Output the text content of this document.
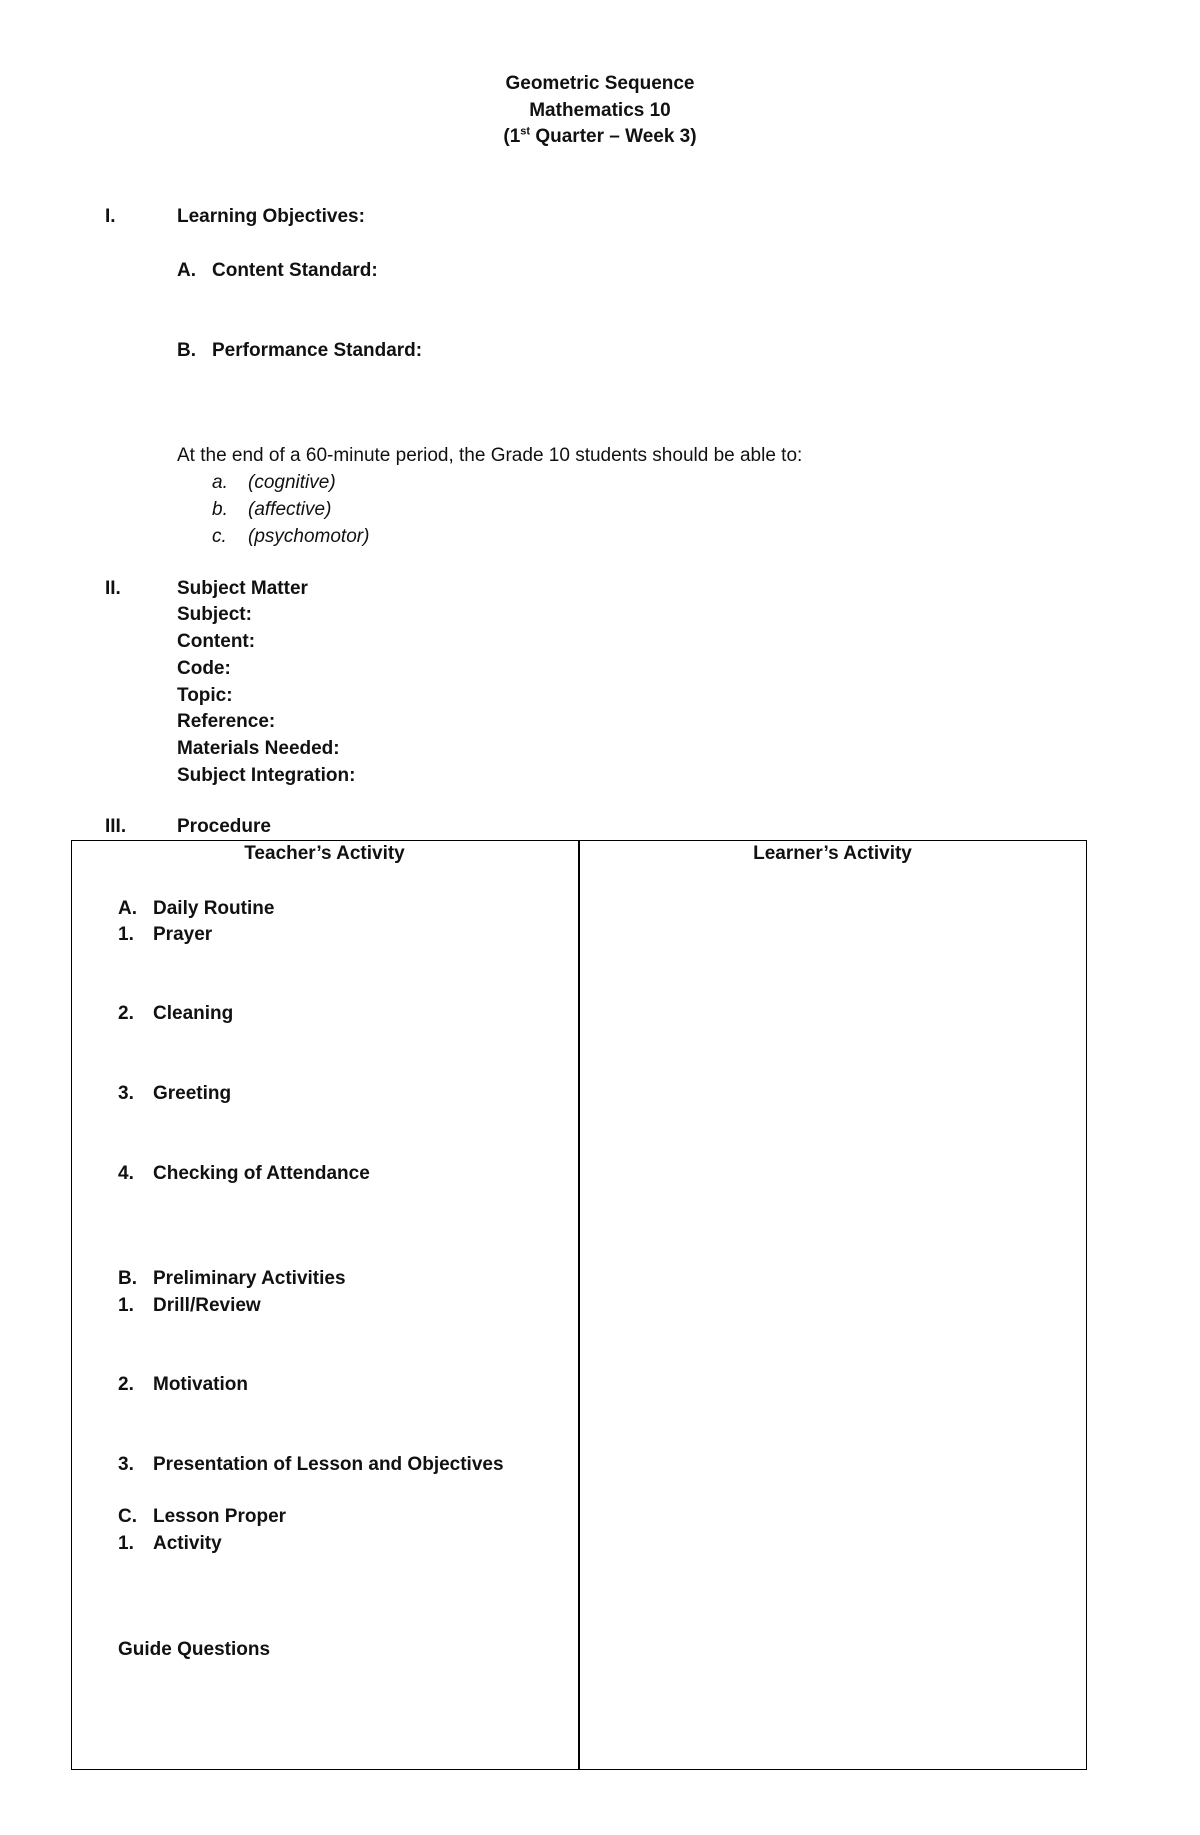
Geometric Sequence
Mathematics 10
(1st Quarter – Week 3)
I.	Learning Objectives:
A. Content Standard:
B. Performance Standard:
At the end of a 60-minute period, the Grade 10 students should be able to:
a. (cognitive)
b. (affective)
c. (psychomotor)
II.	Subject Matter
Subject:
Content:
Code:
Topic:
Reference:
Materials Needed:
Subject Integration:
III.	Procedure
Teacher’s Activity	Learner’s Activity
A. Daily Routine
1. Prayer
2. Cleaning
3. Greeting
4. Checking of Attendance
B. Preliminary Activities
1. Drill/Review
2. Motivation
3. Presentation of Lesson and Objectives
C. Lesson Proper
1. Activity
Guide Questions
